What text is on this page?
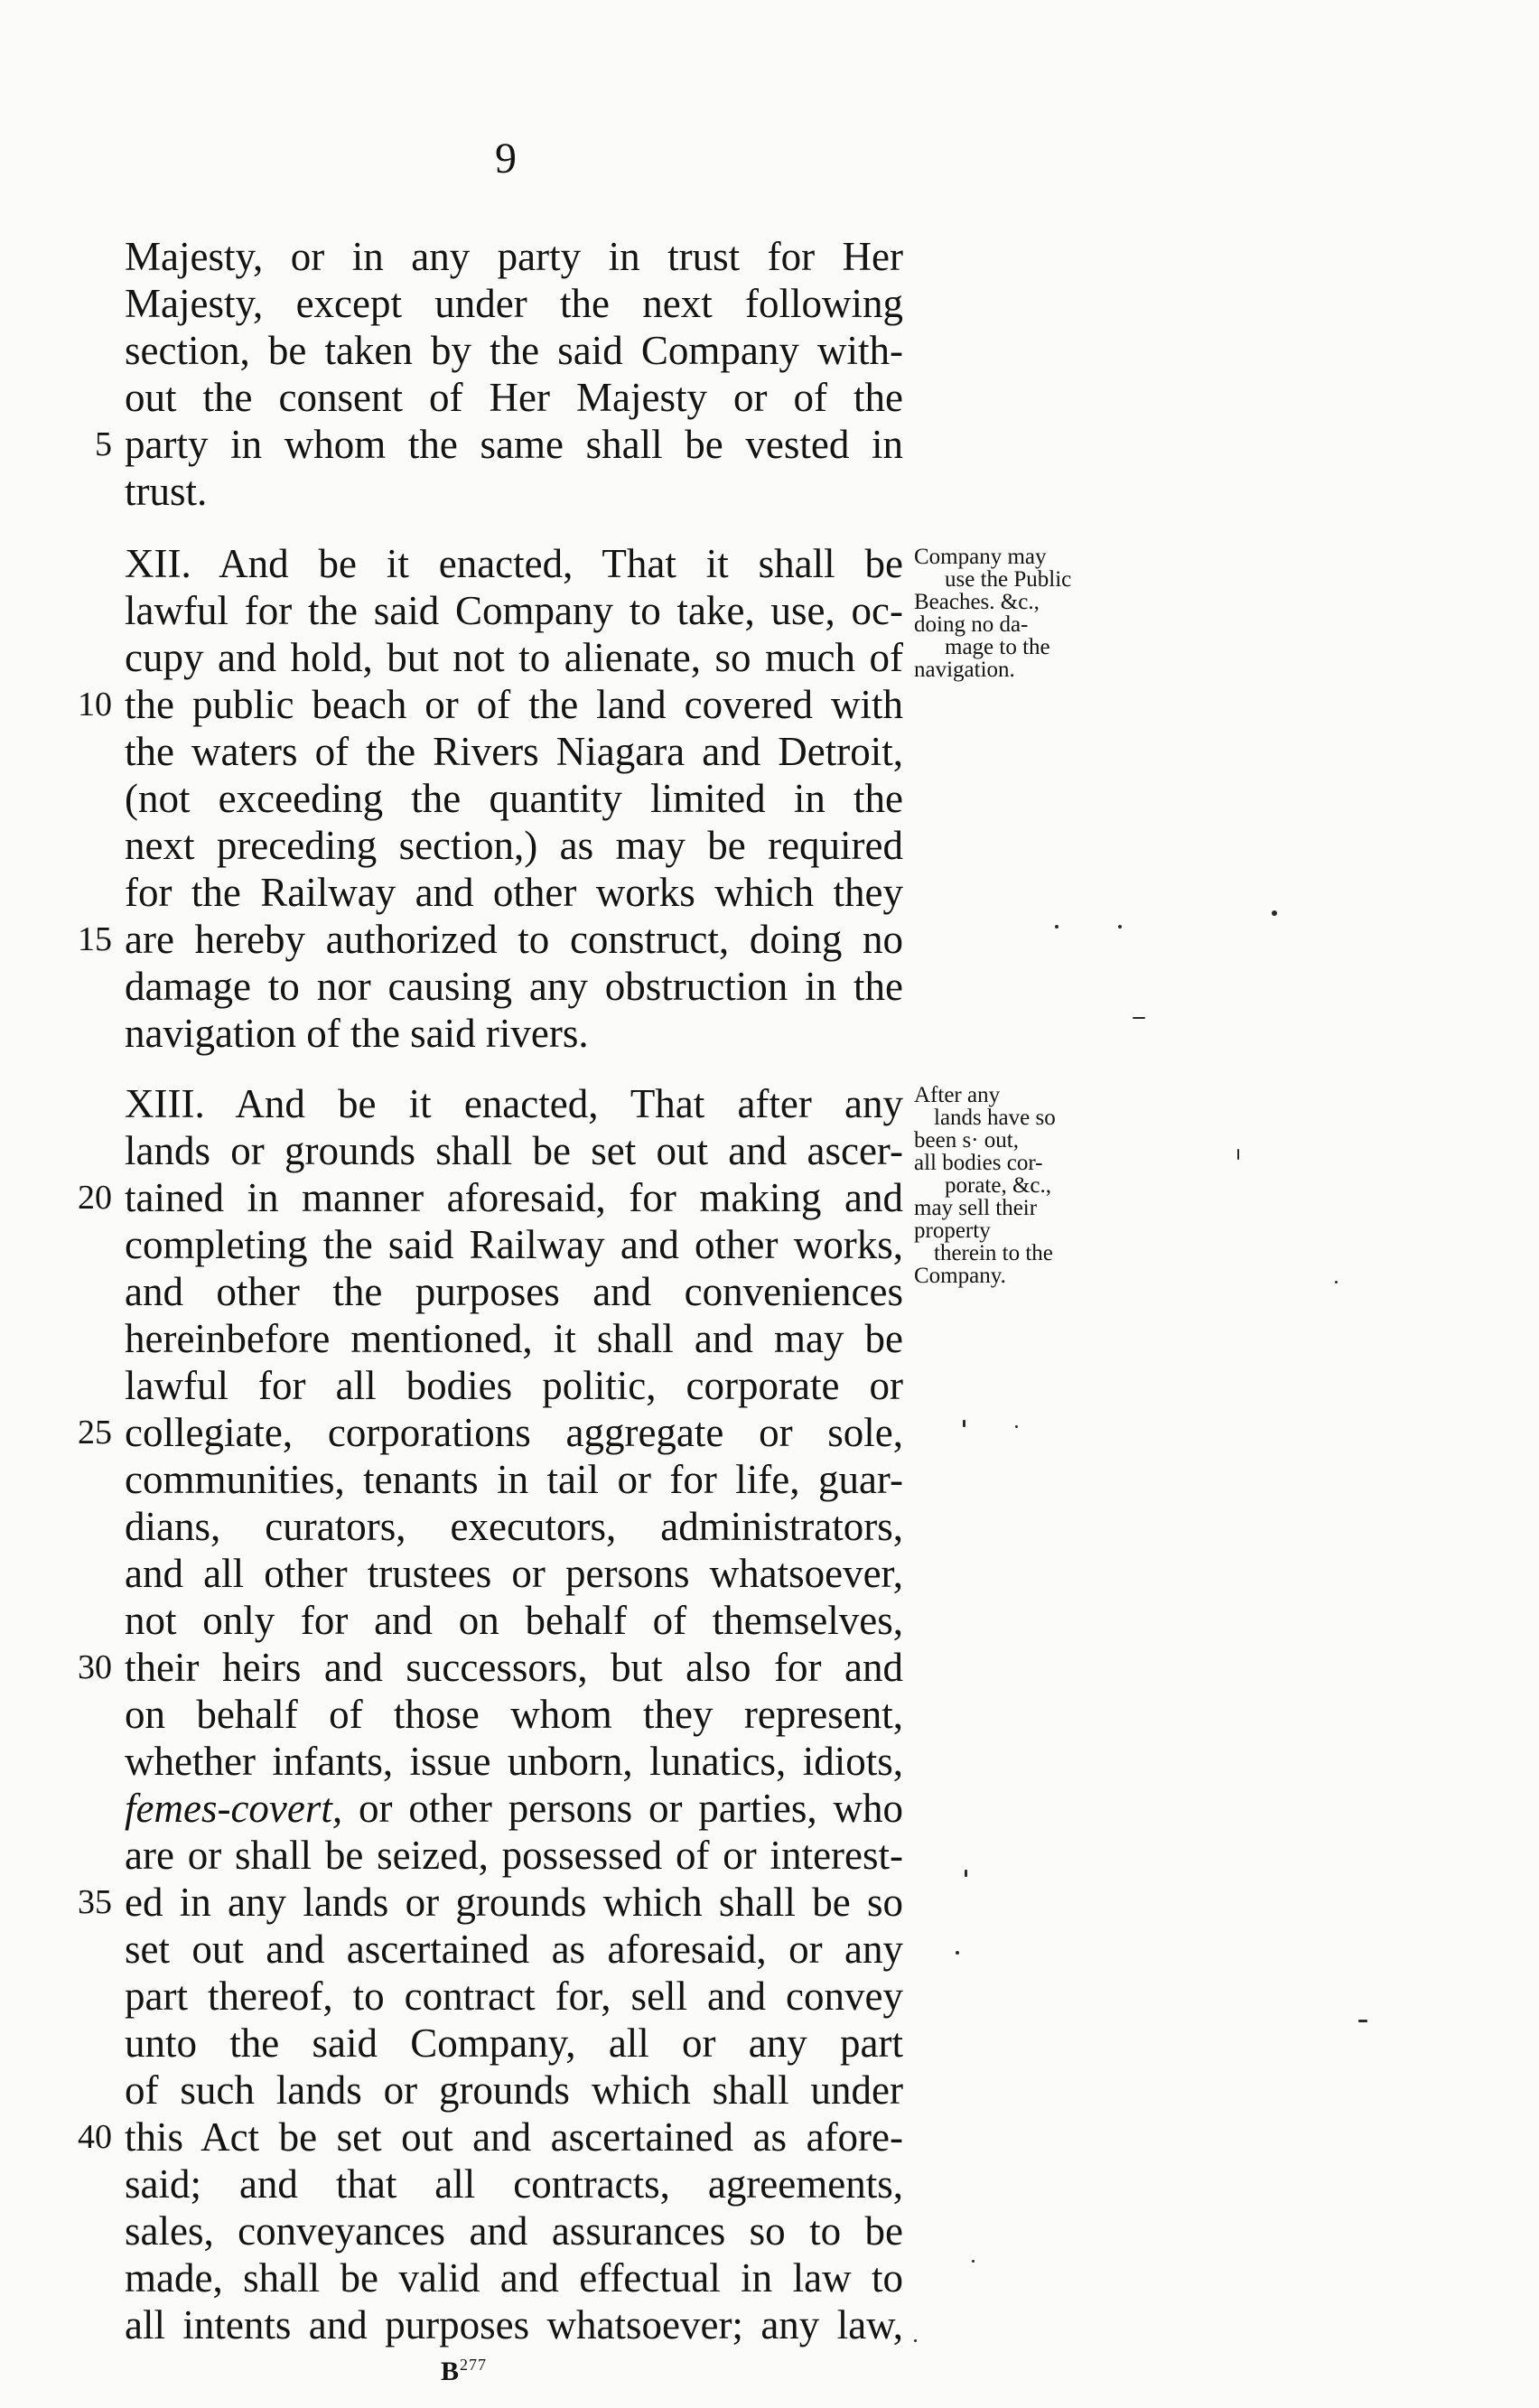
9
Majesty, or in any party in trust for Her
Majesty, except under the next following
section, be taken by the said Company with-
out the consent of Her Majesty or of the
party in whom the same shall be vested in
trust.
XII. And be it enacted, That it shall be
lawful for the said Company to take, use, oc-
cupy and hold, but not to alienate, so much of
the public beach or of the land covered with
the waters of the Rivers Niagara and Detroit,
(not exceeding the quantity limited in the
next preceding section,) as may be required
for the Railway and other works which they
are hereby authorized to construct, doing no
damage to nor causing any obstruction in the
navigation of the said rivers.
XIII. And be it enacted, That after any
lands or grounds shall be set out and ascer-
tained in manner aforesaid, for making and
completing the said Railway and other works,
and other the purposes and conveniences
hereinbefore mentioned, it shall and may be
lawful for all bodies politic, corporate or
collegiate, corporations aggregate or sole,
communities, tenants in tail or for life, guar-
dians, curators, executors, administrators,
and all other trustees or persons whatsoever,
not only for and on behalf of themselves,
their heirs and successors, but also for and
on behalf of those whom they represent,
whether infants, issue unborn, lunatics, idiots,
femes-covert, or other persons or parties, who
are or shall be seized, possessed of or interest-
ed in any lands or grounds which shall be so
set out and ascertained as aforesaid, or any
part thereof, to contract for, sell and convey
unto the said Company, all or any part
of such lands or grounds which shall under
this Act be set out and ascertained as afore-
said; and that all contracts, agreements,
sales, conveyances and assurances so to be
made, shall be valid and effectual in law to
all intents and purposes whatsoever; any law,
5
10
15
20
25
30
35
40
Company may
use the Public
Beaches. &c.,
doing no da-
mage to the
navigation.
After any
lands have so
been s· out,
all bodies cor-
porate, &c.,
may sell their
property
therein to the
Company.
$B^{277}$
